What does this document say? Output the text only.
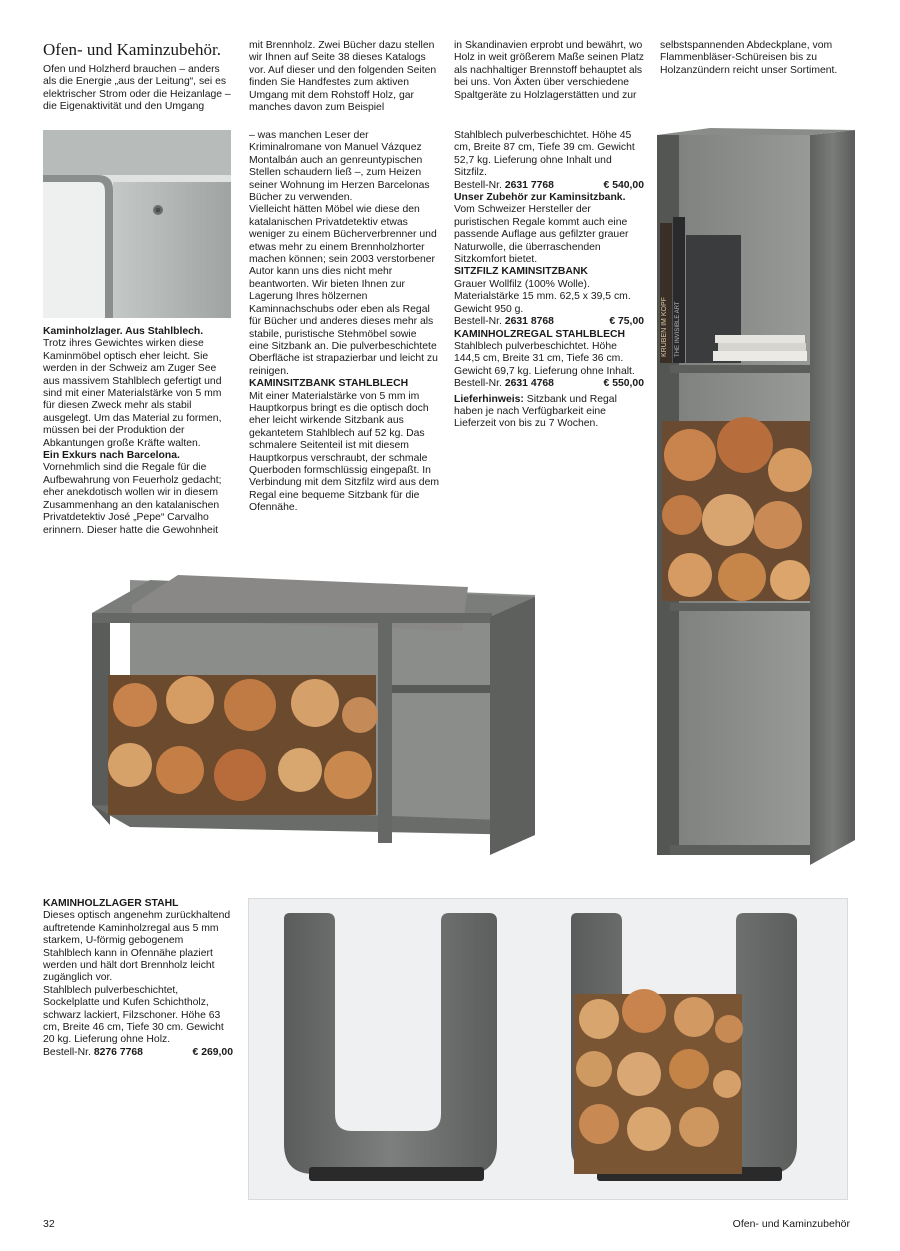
Ofen- und Kaminzubehör.

Ofen und Holzherd brauchen – anders als die Energie „aus der Leitung“, sei es elektrischer Strom oder die Heizanlage – die Eigenaktivität und den Umgang

mit Brennholz. Zwei Bücher dazu stellen wir Ihnen auf Seite 38 dieses Katalogs vor. Auf dieser und den folgenden Seiten finden Sie Handfestes zum aktiven Umgang mit dem Rohstoff Holz, gar manches davon zum Beispiel

in Skandinavien erprobt und bewährt, wo Holz in weit größerem Maße seinen Platz als nachhaltiger Brennstoff behauptet als bei uns. Von Äxten über verschiedene Spaltgeräte zu Holzlagerstätten und zur

selbstspannenden Abdeckplane, vom Flammenbläser-Schüreisen bis zu Holzanzündern reicht unser Sortiment.

Kaminholzlager. Aus Stahlblech.

Trotz ihres Gewichtes wirken diese Kaminmöbel optisch eher leicht. Sie werden in der Schweiz am Zuger See aus massivem Stahlblech gefertigt und sind mit einer Materialstärke von 5 mm für diesen Zweck mehr als stabil ausgelegt. Um das Material zu formen, müssen bei der Produktion der Abkantungen große Kräfte walten.

Ein Exkurs nach Barcelona.

Vornehmlich sind die Regale für die Aufbewahrung von Feuerholz gedacht; eher anekdotisch wollen wir in diesem Zusammenhang an den katalanischen Privatdetektiv José „Pepe“ Carvalho erinnern. Dieser hatte die Gewohnheit

– was manchen Leser der Kriminalromane von Manuel Vázquez Montalbán auch an genreuntypischen Stellen schaudern ließ –, zum Heizen seiner Wohnung im Herzen Barcelonas Bücher zu verwenden.

Vielleicht hätten Möbel wie diese den katalanischen Privatdetektiv etwas weniger zu einem Bücherverbrenner und etwas mehr zu einem Brennholzhorter machen können; sein 2003 verstorbener Autor kann uns dies nicht mehr beantworten. Wir bieten Ihnen zur Lagerung Ihres hölzernen Kaminnachschubs oder eben als Regal für Bücher und anderes dieses mehr als stabile, puristische Stehmöbel sowie eine Sitzbank an. Die pulverbeschichtete Oberfläche ist strapazierbar und leicht zu reinigen.

KAMINSITZBANK STAHLBLECH

Mit einer Materialstärke von 5 mm im Hauptkorpus bringt es die optisch doch eher leicht wirkende Sitzbank aus gekantetem Stahlblech auf 52 kg. Das schmalere Seitenteil ist mit diesem Hauptkorpus verschraubt, der schmale Querboden formschlüssig eingepaßt. In Verbindung mit dem Sitzfilz wird aus dem Regal eine bequeme Sitzbank für die Ofennähe.

Stahlblech pulverbeschichtet. Höhe 45 cm, Breite 87 cm, Tiefe 39 cm. Gewicht 52,7 kg. Lieferung ohne Inhalt und Sitzfilz.

Bestell-Nr. 2631 7768	€ 540,00

Unser Zubehör zur Kaminsitzbank.

Vom Schweizer Hersteller der puristischen Regale kommt auch eine passende Auflage aus gefilzter grauer Naturwolle, die überraschenden Sitzkomfort bietet.

SITZFILZ KAMINSITZBANK

Grauer Wollfilz (100% Wolle). Materialstärke 15 mm. 62,5 x 39,5 cm. Gewicht 950 g.

Bestell-Nr. 2631 8768	€ 75,00

KAMINHOLZREGAL STAHLBLECH

Stahlblech pulverbeschichtet. Höhe 144,5 cm, Breite 31 cm, Tiefe 36 cm. Gewicht 69,7 kg. Lieferung ohne Inhalt.

Bestell-Nr. 2631 4768	€ 550,00

Lieferhinweis: Sitzbank und Regal haben je nach Verfügbarkeit eine Lieferzeit von bis zu 7 Wochen.

KRUBEN IM KOPF THE INVISIBLE ART

KAMINHOLZLAGER STAHL

Dieses optisch angenehm zurückhaltend auftretende Kaminholzregal aus 5 mm starkem, U-förmig gebogenem Stahlblech kann in Ofennähe plaziert werden und hält dort Brennholz leicht zugänglich vor.

Stahlblech pulverbeschichtet, Sockelplatte und Kufen Schichtholz, schwarz lackiert, Filzschoner. Höhe 63 cm, Breite 46 cm, Tiefe 30 cm. Gewicht 20 kg. Lieferung ohne Holz.

Bestell-Nr. 8276 7768	€ 269,00
32	Ofen- und Kaminzubehör
